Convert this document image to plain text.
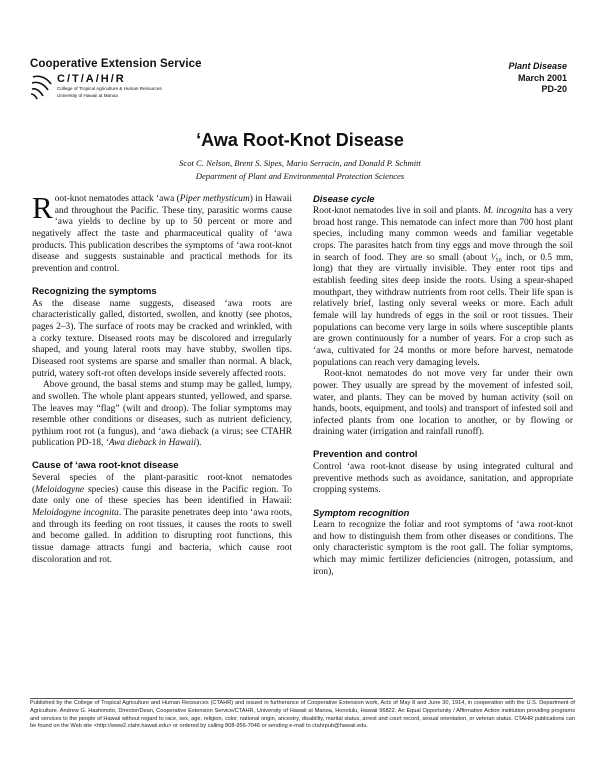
Cooperative Extension Service
C/T/A/H/R
College of Tropical Agriculture & Human Resources
University of Hawaii at Manoa
Plant Disease
March 2001
PD-20
‘Awa Root-Knot Disease
Scot C. Nelson, Brent S. Sipes, Mario Serracin, and Donald P. Schmitt
Department of Plant and Environmental Protection Sciences

Root-knot nematodes attack ‘awa (Piper methysticum) in Hawaii and throughout the Pacific. These tiny, parasitic worms cause ‘awa yields to decline by up to 50 percent or more and negatively affect the taste and pharmaceutical quality of ‘awa products. This publication describes the symptoms of ‘awa root-knot disease and suggests sustainable and practical methods for its prevention and control.

Recognizing the symptoms

As the disease name suggests, diseased ‘awa roots are characteristically galled, distorted, swollen, and knotty (see photos, pages 2–3). The surface of roots may be cracked and wrinkled, with a corky texture. Diseased roots may be discolored and irregularly shaped, and young lateral roots may have stubby, swollen tips. Diseased root systems are sparse and smaller than normal. A black, putrid, watery soft-rot often develops inside severely affected roots.

Above ground, the basal stems and stump may be galled, lumpy, and swollen. The whole plant appears stunted, yellowed, and sparse. The leaves may “flag” (wilt and droop). The foliar symptoms may resemble other conditions or diseases, such as nutrient deficiency, pythium root rot (a fungus), and ‘awa dieback (a virus; see CTAHR publication PD-18, ‘Awa dieback in Hawaii).

Cause of ‘awa root-knot disease

Several species of the plant-parasitic root-knot nematodes (Meloidogyne species) cause this disease in the Pacific region. To date only one of these species has been identified in Hawaii: Meloidogyne incognita. The parasite penetrates deep into ‘awa roots, and through its feeding on root tissues, it causes the roots to swell and become galled. In addition to disrupting root functions, this tissue damage attracts fungi and bacteria, which cause root discoloration and rot.

Disease cycle

Root-knot nematodes live in soil and plants. M. incognita has a very broad host range. This nematode can infect more than 700 host plant species, including many common weeds and familiar vegetable crops. The parasites hatch from tiny eggs and move through the soil in search of food. They are so small (about ¹⁄₅₀ inch, or 0.5 mm, long) that they are virtually invisible. They enter root tips and establish feeding sites deep inside the roots. Using a spear-shaped mouthpart, they withdraw nutrients from root cells. Their life span is relatively brief, lasting only several weeks or more. Each adult female will lay hundreds of eggs in the soil or root tissues. Their populations can become very large in soils where susceptible plants are grown continuously for a number of years. For a crop such as ‘awa, cultivated for 24 months or more before harvest, nematode populations can reach very damaging levels.

Root-knot nematodes do not move very far under their own power. They usually are spread by the movement of infested soil, water, and plants. They can be moved by human activity (soil on hands, boots, equipment, and tools) and transport of infested soil and infected plants from one location to another, or by flowing or draining water (irrigation and rainfall runoff).

Prevention and control

Control ‘awa root-knot disease by using integrated cultural and preventive methods such as avoidance, sanitation, and appropriate cropping systems.

Symptom recognition

Learn to recognize the foliar and root symptoms of ‘awa root-knot and how to distinguish them from other diseases or conditions. The only characteristic symptom is the root gall. The foliar symptoms, which may mimic fertilizer deficiencies (nitrogen, potassium, and iron),

Published by the College of Tropical Agriculture and Human Resources (CTAHR) and issued in furtherance of Cooperative Extension work, Acts of May 8 and June 30, 1914, in cooperation with the U.S. Department of Agriculture. Andrew G. Hashimoto, Director/Dean, Cooperative Extension Service/CTAHR, University of Hawaii at Manoa, Honolulu, Hawaii 96822. An Equal Opportunity / Affirmative Action institution providing programs and services to the people of Hawaii without regard to race, sex, age, religion, color, national origin, ancestry, disability, marital status, arrest and court record, sexual orientation, or veteran status. CTAHR publications can be found on the Web site <http://www2.ctahr.hawaii.edu> or ordered by calling 808-956-7046 or sending e-mail to ctahrpub@hawaii.edu.
